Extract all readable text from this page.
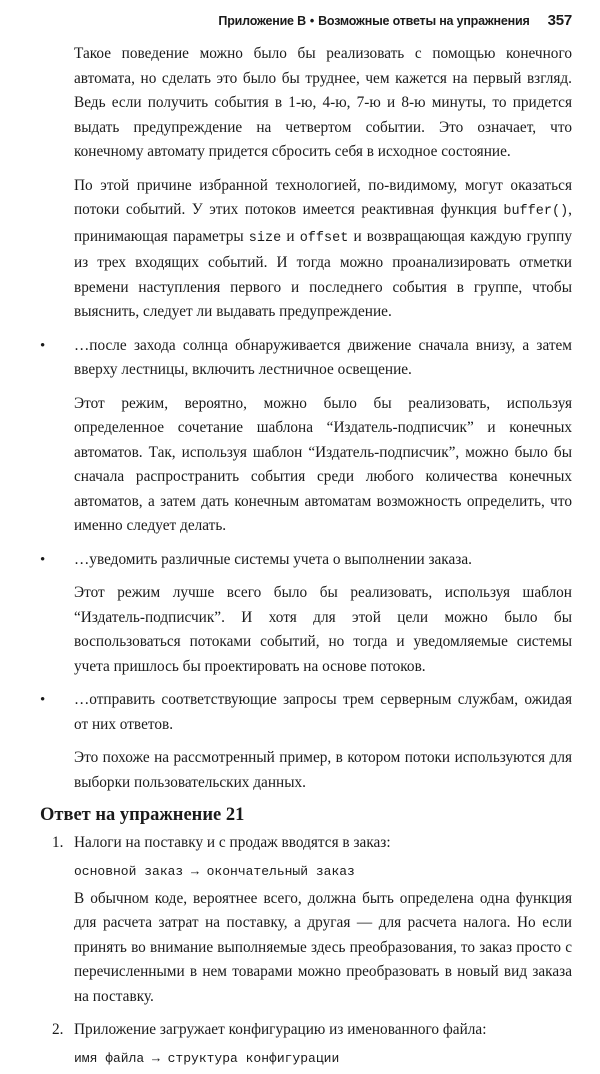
Приложение В • Возможные ответы на упражнения 357

Такое поведение можно было бы реализовать с помощью конечного автомата, но сделать это было бы труднее, чем кажется на первый взгляд. Ведь если получить события в 1-ю, 4-ю, 7-ю и 8-ю минуты, то придется выдать предупреждение на четвертом событии. Это означает, что конечному автомату придется сбросить себя в исходное состояние.

По этой причине избранной технологией, по-видимому, могут оказаться потоки событий. У этих потоков имеется реактивная функция buffer(), принимающая параметры size и offset и возвращающая каждую группу из трех входящих событий. И тогда можно проанализировать отметки времени наступления первого и последнего события в группе, чтобы выяснить, следует ли выдавать предупреждение.

• …после захода солнца обнаруживается движение сначала внизу, а затем вверху лестницы, включить лестничное освещение.

Этот режим, вероятно, можно было бы реализовать, используя определенное сочетание шаблона “Издатель-подписчик” и конечных автоматов. Так, используя шаблон “Издатель-подписчик”, можно было бы сначала распространить события среди любого количества конечных автоматов, а затем дать конечным автоматам возможность определить, что именно следует делать.

• …уведомить различные системы учета о выполнении заказа.

Этот режим лучше всего было бы реализовать, используя шаблон “Издатель-подписчик”. И хотя для этой цели можно было бы воспользоваться потоками событий, но тогда и уведомляемые системы учета пришлось бы проектировать на основе потоков.

• …отправить соответствующие запросы трем серверным службам, ожидая от них ответов.

Это похоже на рассмотренный пример, в котором потоки используются для выборки пользовательских данных.

Ответ на упражнение 21
1. Налоги на поставку и с продаж вводятся в заказ:

основной заказ → окончательный заказ

В обычном коде, вероятнее всего, должна быть определена одна функция для расчета затрат на поставку, а другая — для расчета налога. Но если принять во внимание выполняемые здесь преобразования, то заказ просто с перечисленными в нем товарами можно преобразовать в новый вид заказа на поставку.

2. Приложение загружает конфигурацию из именованного файла:

имя файла → структура конфигурации
